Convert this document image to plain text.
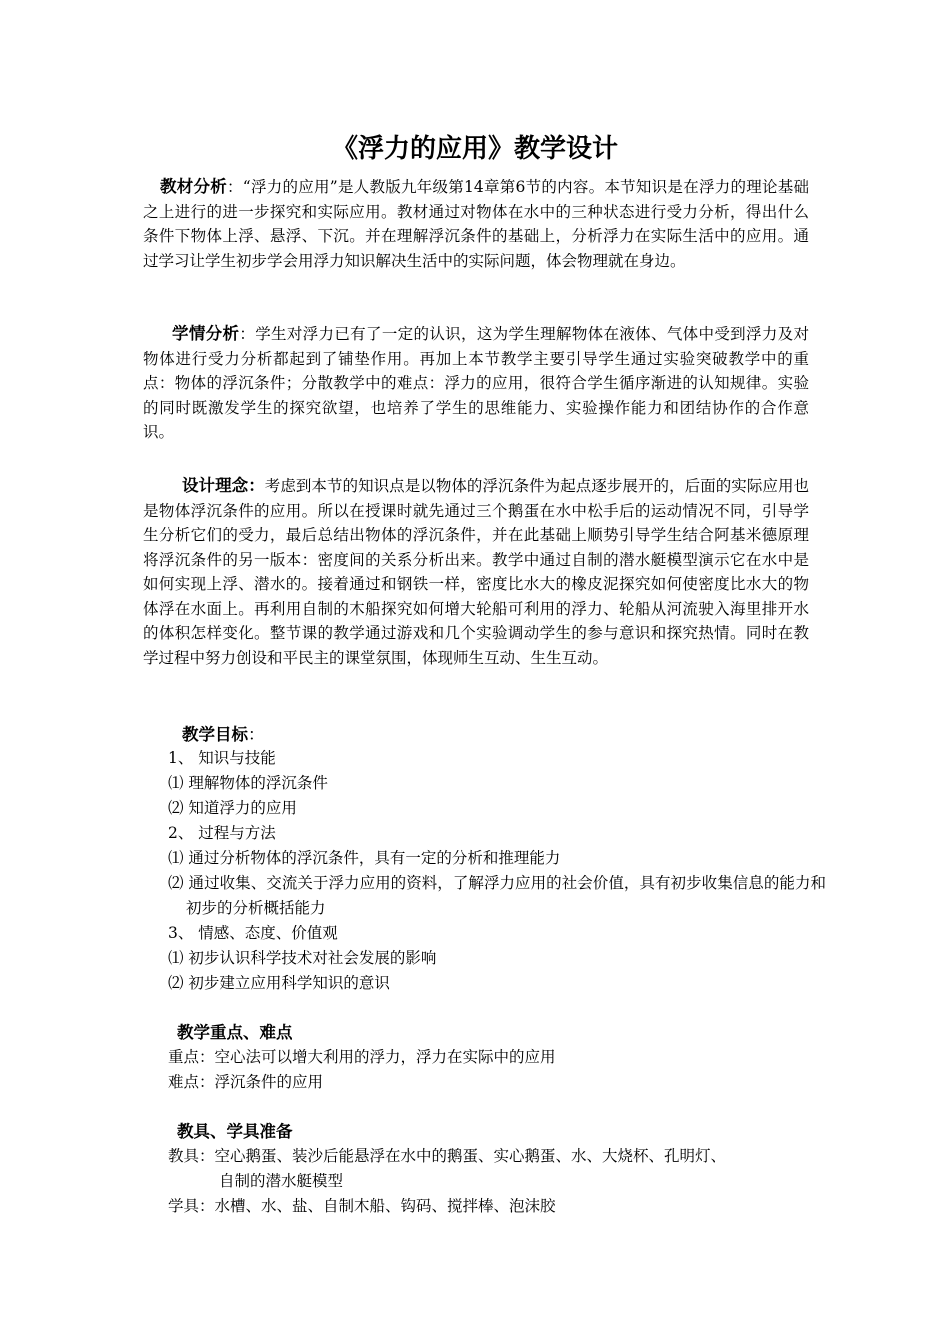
《浮力的应用》教学设计
教材分析：“浮力的应用”是人教版九年级第14章第6节的内容。本节知识是在浮力的理论基础之上进行的进一步探究和实际应用。教材通过对物体在水中的三种状态进行受力分析，得出什么条件下物体上浮、悬浮、下沉。并在理解浮沉条件的基础上，分析浮力在实际生活中的应用。通过学习让学生初步学会用浮力知识解决生活中的实际问题，体会物理就在身边。
学情分析：学生对浮力已有了一定的认识，这为学生理解物体在液体、气体中受到浮力及对物体进行受力分析都起到了铺垫作用。再加上本节教学主要引导学生通过实验突破教学中的重点：物体的浮沉条件；分散教学中的难点：浮力的应用，很符合学生循序渐进的认知规律。实验的同时既激发学生的探究欲望，也培养了学生的思维能力、实验操作能力和团结协作的合作意识。
设计理念：考虑到本节的知识点是以物体的浮沉条件为起点逐步展开的，后面的实际应用也是物体浮沉条件的应用。所以在授课时就先通过三个鹅蛋在水中松手后的运动情况不同，引导学生分析它们的受力，最后总结出物体的浮沉条件，并在此基础上顺势引导学生结合阿基米德原理将浮沉条件的另一版本：密度间的关系分析出来。教学中通过自制的潜水艇模型演示它在水中是如何实现上浮、潜水的。接着通过和钢铁一样，密度比水大的橡皮泥探究如何使密度比水大的物体浮在水面上。再利用自制的木船探究如何增大轮船可利用的浮力、轮船从河流驶入海里排开水的体积怎样变化。整节课的教学通过游戏和几个实验调动学生的参与意识和探究热情。同时在教学过程中努力创设和平民主的课堂氛围，体现师生互动、生生互动。
教学目标：
1、 知识与技能
⑴ 理解物体的浮沉条件
⑵ 知道浮力的应用
2、 过程与方法
⑴ 通过分析物体的浮沉条件，具有一定的分析和推理能力
⑵ 通过收集、交流关于浮力应用的资料，了解浮力应用的社会价值，具有初步收集信息的能力和初步的分析概括能力
3、 情感、态度、价值观
⑴ 初步认识科学技术对社会发展的影响
⑵ 初步建立应用科学知识的意识
教学重点、难点
重点：空心法可以增大利用的浮力，浮力在实际中的应用
难点：浮沉条件的应用
教具、学具准备
教具：空心鹅蛋、装沙后能悬浮在水中的鹅蛋、实心鹅蛋、水、大烧杯、孔明灯、
自制的潜水艇模型
学具：水槽、水、盐、自制木船、钩码、搅拌棒、泡沫胶
